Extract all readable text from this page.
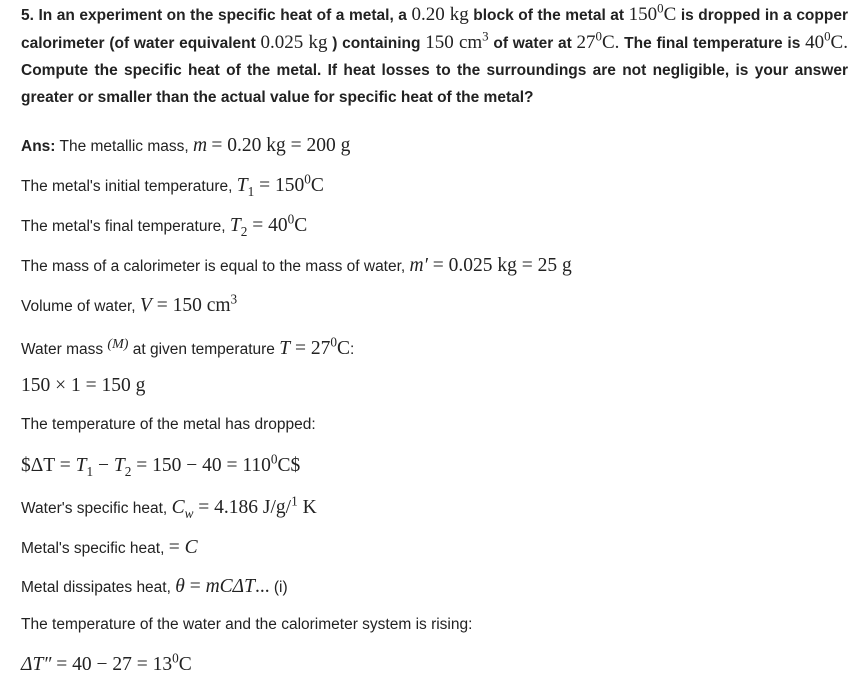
5. In an experiment on the specific heat of a metal, a 0.20 kg block of the metal at $150^0C$ is dropped in a copper calorimeter (of water equivalent 0.025 kg ) containing 150 $cm^3$ of water at $27^0C$. The final temperature is $40^0C$. Compute the specific heat of the metal. If heat losses to the surroundings are not negligible, is your answer greater or smaller than the actual value for specific heat of the metal?
Ans: The metallic mass, m = 0.20 kg = 200 g
The metal's initial temperature, $T_1 = 150^0C$
The metal's final temperature, $T_2 = 40^0C$
The mass of a calorimeter is equal to the mass of water, m′ = 0.025 kg = 25 g
Volume of water, V = 150 $cm^3$
Water mass (M) at given temperature $T = 27^0C$:
150 × 1 = 150 g
The temperature of the metal has dropped:
$ΔT = $T_1 - T_2 = 150 - 40$ = $110^0C\$$
Water's specific heat, $C_w = 4.186$ J/g/$^1$ K
Metal's specific heat, = C
Metal dissipates heat, θ = mCΔT... (i)
The temperature of the water and the calorimeter system is rising:
$\Delta T'' = 40 - 27 = 13^0C$
